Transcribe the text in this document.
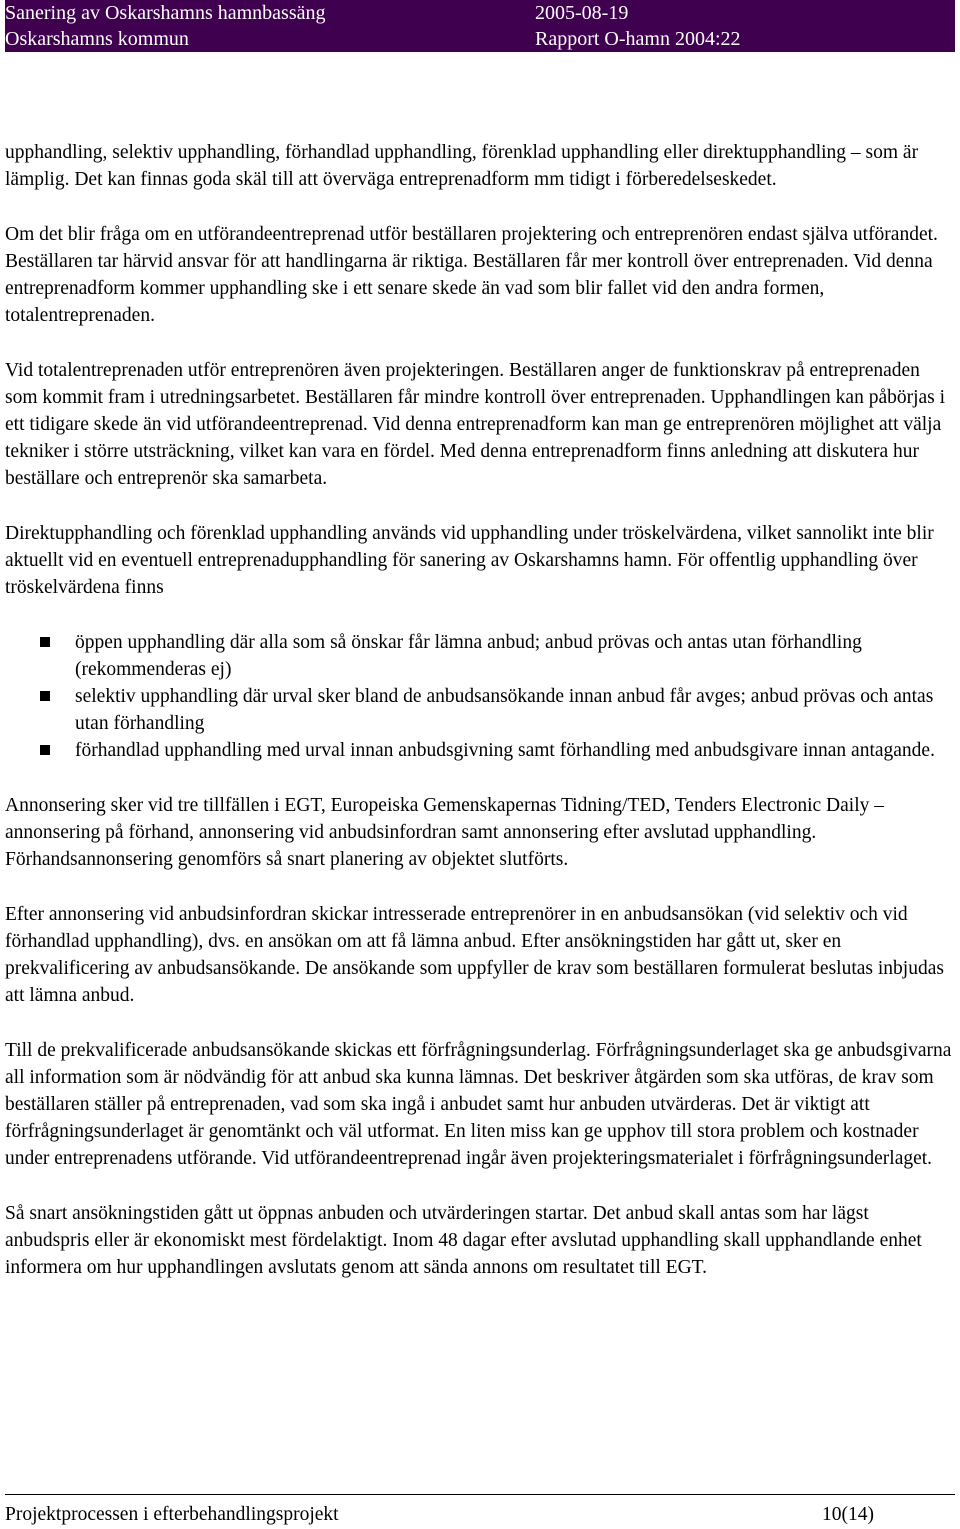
Sanering av Oskarshamns hamnbassäng	2005-08-19
Oskarshamns kommun	Rapport O-hamn 2004:22

upphandling, selektiv upphandling, förhandlad upphandling, förenklad upphandling eller direktupphandling – som är lämplig. Det kan finnas goda skäl till att överväga entreprenadform mm tidigt i förberedelseskedet.

Om det blir fråga om en utförandeentreprenad utför beställaren projektering och entreprenören endast själva utförandet. Beställaren tar härvid ansvar för att handlingarna är riktiga. Beställaren får mer kontroll över entreprenaden. Vid denna entreprenadform kommer upphandling ske i ett senare skede än vad som blir fallet vid den andra formen, totalentreprenaden.

Vid totalentreprenaden utför entreprenören även projekteringen. Beställaren anger de funktionskrav på entreprenaden som kommit fram i utredningsarbetet. Beställaren får mindre kontroll över entreprenaden. Upphandlingen kan påbörjas i ett tidigare skede än vid utförandeentreprenad. Vid denna entreprenadform kan man ge entreprenören möjlighet att välja tekniker i större utsträckning, vilket kan vara en fördel. Med denna entreprenadform finns anledning att diskutera hur beställare och entreprenör ska samarbeta.

Direktupphandling och förenklad upphandling används vid upphandling under tröskelvärdena, vilket sannolikt inte blir aktuellt vid en eventuell entreprenadupphandling för sanering av Oskarshamns hamn. För offentlig upphandling över tröskelvärdena finns

öppen upphandling där alla som så önskar får lämna anbud; anbud prövas och antas utan förhandling (rekommenderas ej)
selektiv upphandling där urval sker bland de anbudsansökande innan anbud får avges; anbud prövas och antas utan förhandling
förhandlad upphandling med urval innan anbudsgivning samt förhandling med anbudsgivare innan antagande.

Annonsering sker vid tre tillfällen i EGT, Europeiska Gemenskapernas Tidning/TED, Tenders Electronic Daily – annonsering på förhand, annonsering vid anbudsinfordran samt annonsering efter avslutad upphandling. Förhandsannonsering genomförs så snart planering av objektet slutförts.

Efter annonsering vid anbudsinfordran skickar intresserade entreprenörer in en anbudsansökan (vid selektiv och vid förhandlad upphandling), dvs. en ansökan om att få lämna anbud. Efter ansökningstiden har gått ut, sker en prekvalificering av anbudsansökande. De ansökande som uppfyller de krav som beställaren formulerat beslutas inbjudas att lämna anbud.

Till de prekvalificerade anbudsansökande skickas ett förfrågningsunderlag. Förfrågningsunderlaget ska ge anbudsgivarna all information som är nödvändig för att anbud ska kunna lämnas. Det beskriver åtgärden som ska utföras, de krav som beställaren ställer på entreprenaden, vad som ska ingå i anbudet samt hur anbuden utvärderas. Det är viktigt att förfrågningsunderlaget är genomtänkt och väl utformat. En liten miss kan ge upphov till stora problem och kostnader under entreprenadens utförande. Vid utförandeentreprenad ingår även projekteringsmaterialet i förfrågningsunderlaget.

Så snart ansökningstiden gått ut öppnas anbuden och utvärderingen startar. Det anbud skall antas som har lägst anbudspris eller är ekonomiskt mest fördelaktigt. Inom 48 dagar efter avslutad upphandling skall upphandlande enhet informera om hur upphandlingen avslutats genom att sända annons om resultatet till EGT.

Projektprocessen i efterbehandlingsprojekt	10(14)
